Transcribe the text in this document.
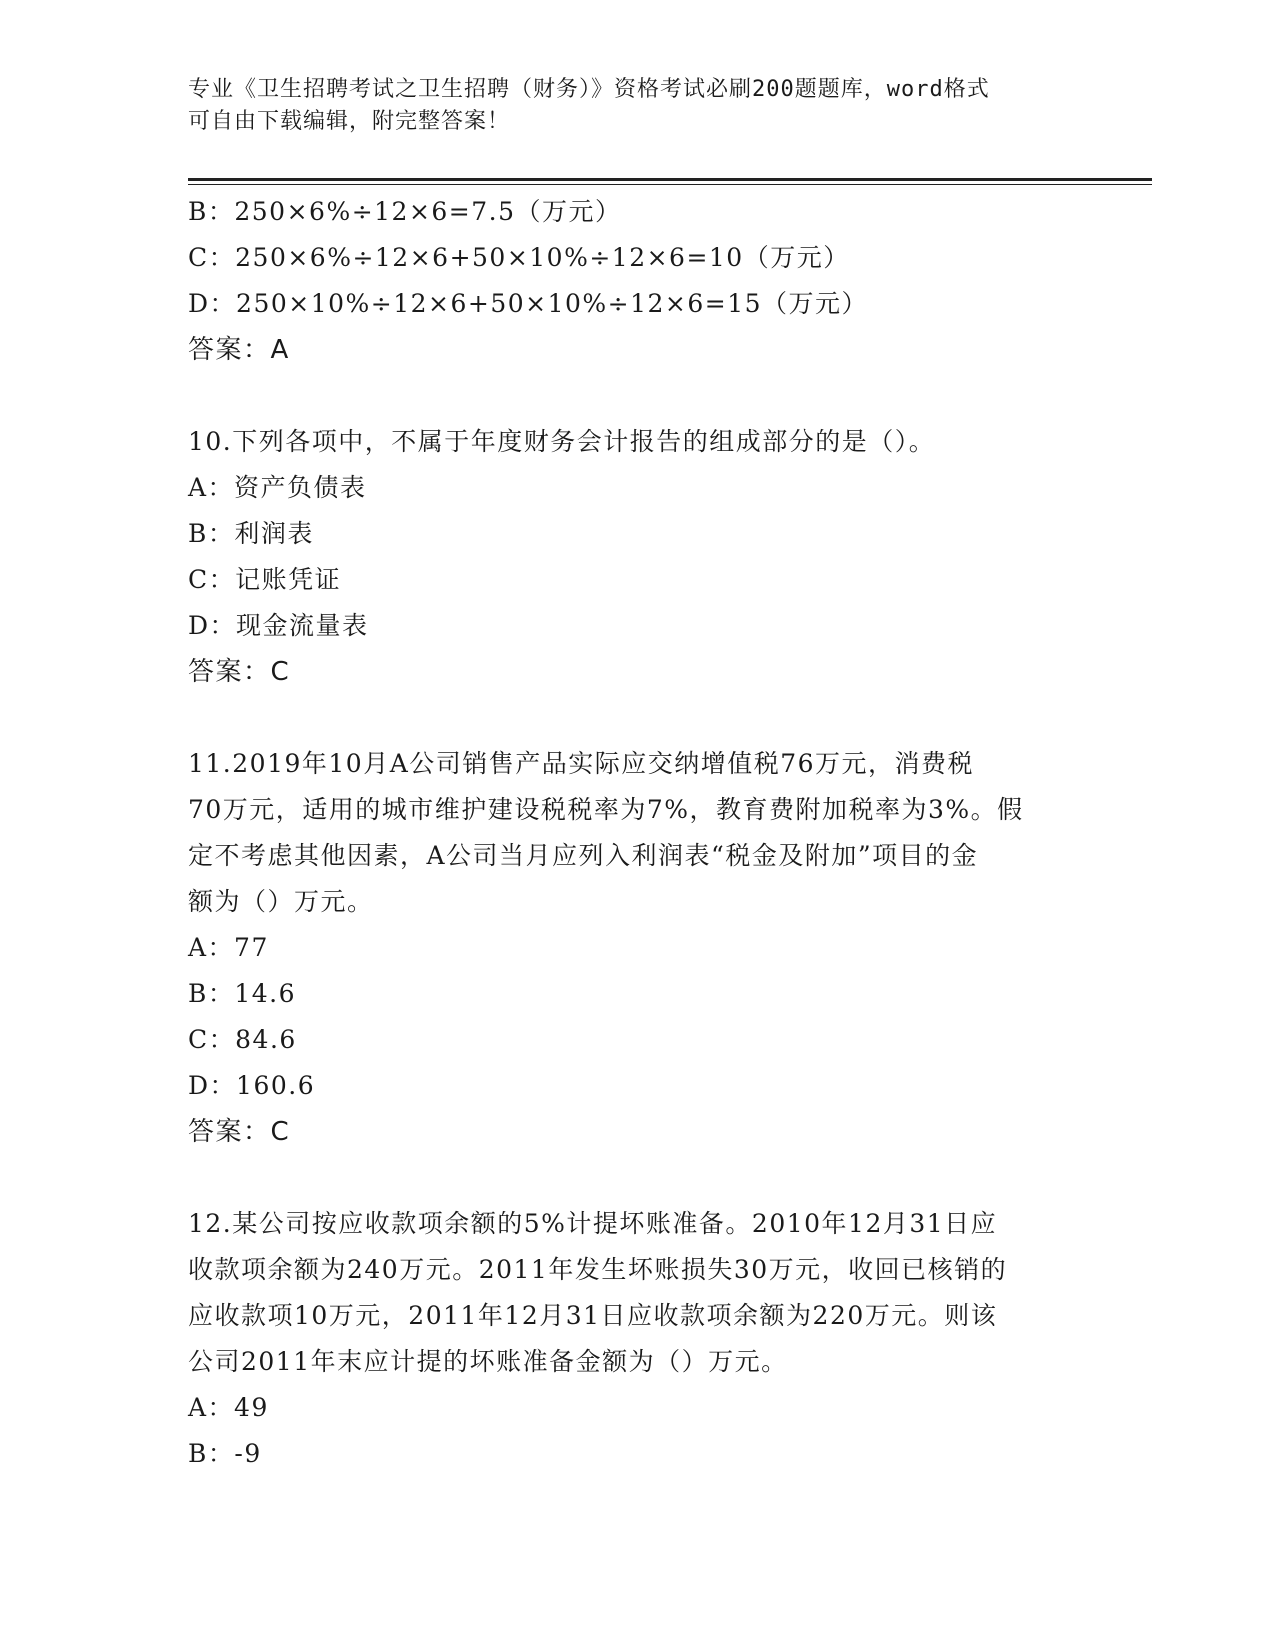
专业《卫生招聘考试之卫生招聘（财务）》资格考试必刷200题题库，word格式
可自由下载编辑，附完整答案！
B：250×6%÷12×6=7.5（万元）
C：250×6%÷12×6+50×10%÷12×6=10（万元）
D：250×10%÷12×6+50×10%÷12×6=15（万元）
答案：A
10.下列各项中，不属于年度财务会计报告的组成部分的是（）。
A：资产负债表
B：利润表
C：记账凭证
D：现金流量表
答案：C
11.2019年10月A公司销售产品实际应交纳增值税76万元，消费税
70万元，适用的城市维护建设税税率为7%，教育费附加税率为3%。假
定不考虑其他因素，A公司当月应列入利润表“税金及附加”项目的金
额为（）万元。
A：77
B：14.6
C：84.6
D：160.6
答案：C
12.某公司按应收款项余额的5%计提坏账准备。2010年12月31日应
收款项余额为240万元。2011年发生坏账损失30万元，收回已核销的
应收款项10万元，2011年12月31日应收款项余额为220万元。则该
公司2011年末应计提的坏账准备金额为（）万元。
A：49
B：-9
